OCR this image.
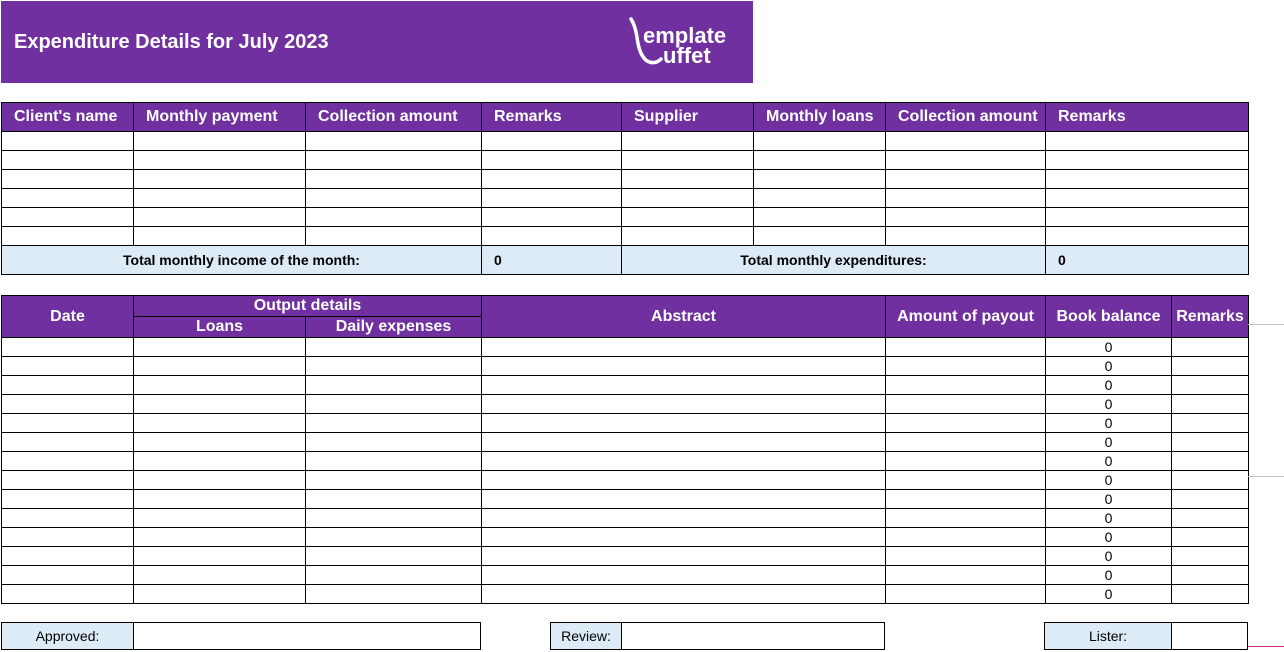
Expenditure Details for July 2023	emplate
uffet
Client's name	Monthly payment	Collection amount	Remarks	Supplier	Monthly loans	Collection amount	Remarks

Total monthly income of the month:			0	Total monthly expenditures:			0
Date	Output details		Abstract	Amount of payout	Book balance	Remarks
	Loans	Daily expenses				
					0	
					0	
					0	
					0	
					0	
					0	
					0	
					0	
					0	
					0	
					0	
					0	
					0	
					0	
Approved:	Review:	Lister:
